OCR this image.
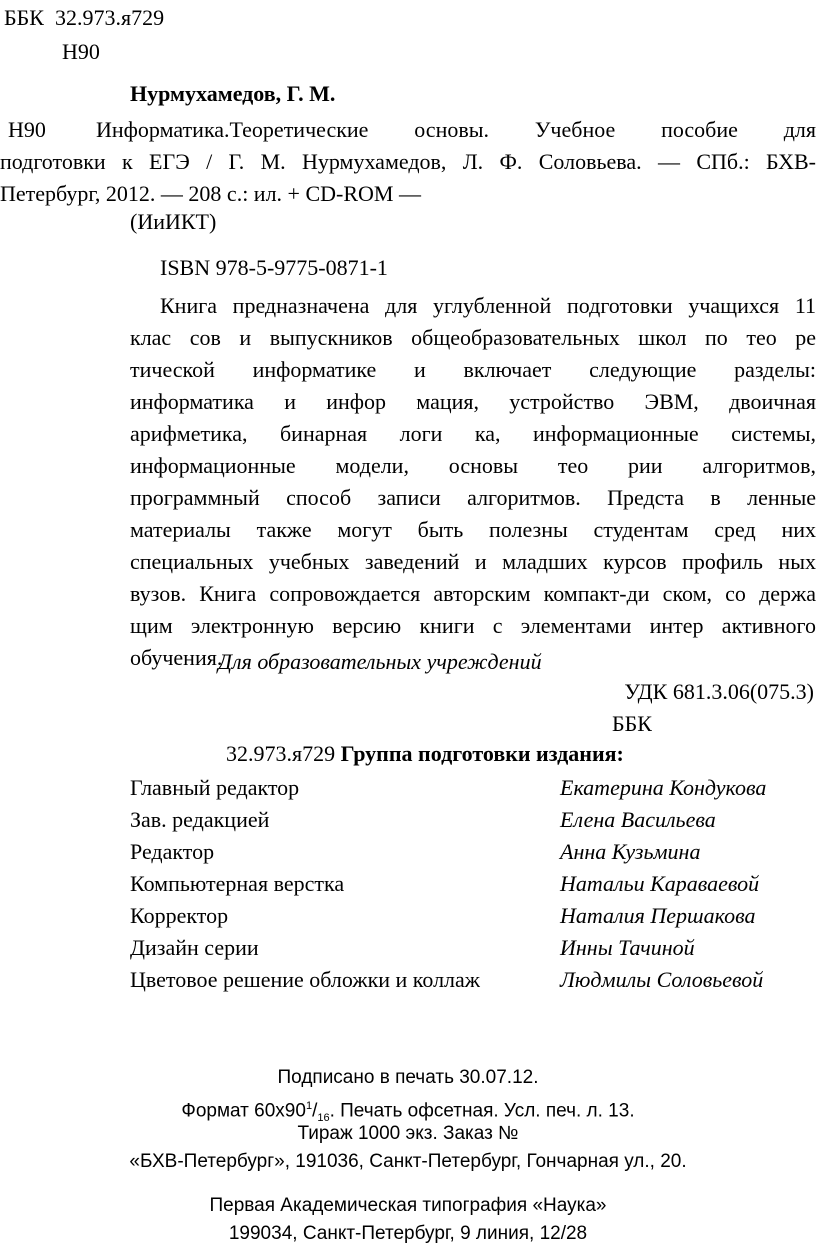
ББК 32.973.я729
Н90
Нурмухамедов, Г. М.
Н90 Информатика.Теоретические основы. Учебное пособие для
подготовки к ЕГЭ / Г. М. Нурмухамедов, Л. Ф. Соловьева. — СПб.: БХВ-
Петербург, 2012. — 208 с.: ил. + CD-ROM —
(ИиИКТ)
ISBN 978-5-9775-0871-1
Книга предназначена для углубленной подготовки учащихся 11
клас сов и выпускников общеобразовательных школ по тео ре
тической информатике и включает следующие разделы:
информатика и инфор мация, устройство ЭВМ, двоичная
арифметика, бинарная логи ка, информационные системы,
информационные модели, основы тео рии алгоритмов,
программный способ записи алгоритмов. Предста в ленные
материалы также могут быть полезны студентам сред них
специальных учебных заведений и младших курсов профиль ных
вузов. Книга сопровождается авторским компакт-ди ском, со держа
щим электронную версию книги с элементами интер активного
обучения.
Для образовательных учреждений
УДК 681.3.06(075.3)
ББК
32.973.я729 Группа подготовки издания:
Главный редактор	Екатерина Кондукова
Зав. редакцией	Елена Васильева
Редактор	Анна Кузьмина
Компьютерная верстка	Натальи Караваевой
Корректор	Наталия Першакова
Дизайн серии	Инны Тачиной
Цветовое решение обложки и коллаж	Людмилы Соловьевой
Подписано в печать 30.07.12.
Формат $60x90^1/_{16}$. Печать офсетная. Усл. печ. л. 13.
Тираж 1000 экз. Заказ №
«БХВ-Петербург», 191036, Санкт-Петербург, Гончарная ул., 20.
Первая Академическая типография «Наука»
199034, Санкт-Петербург, 9 линия, 12/28
